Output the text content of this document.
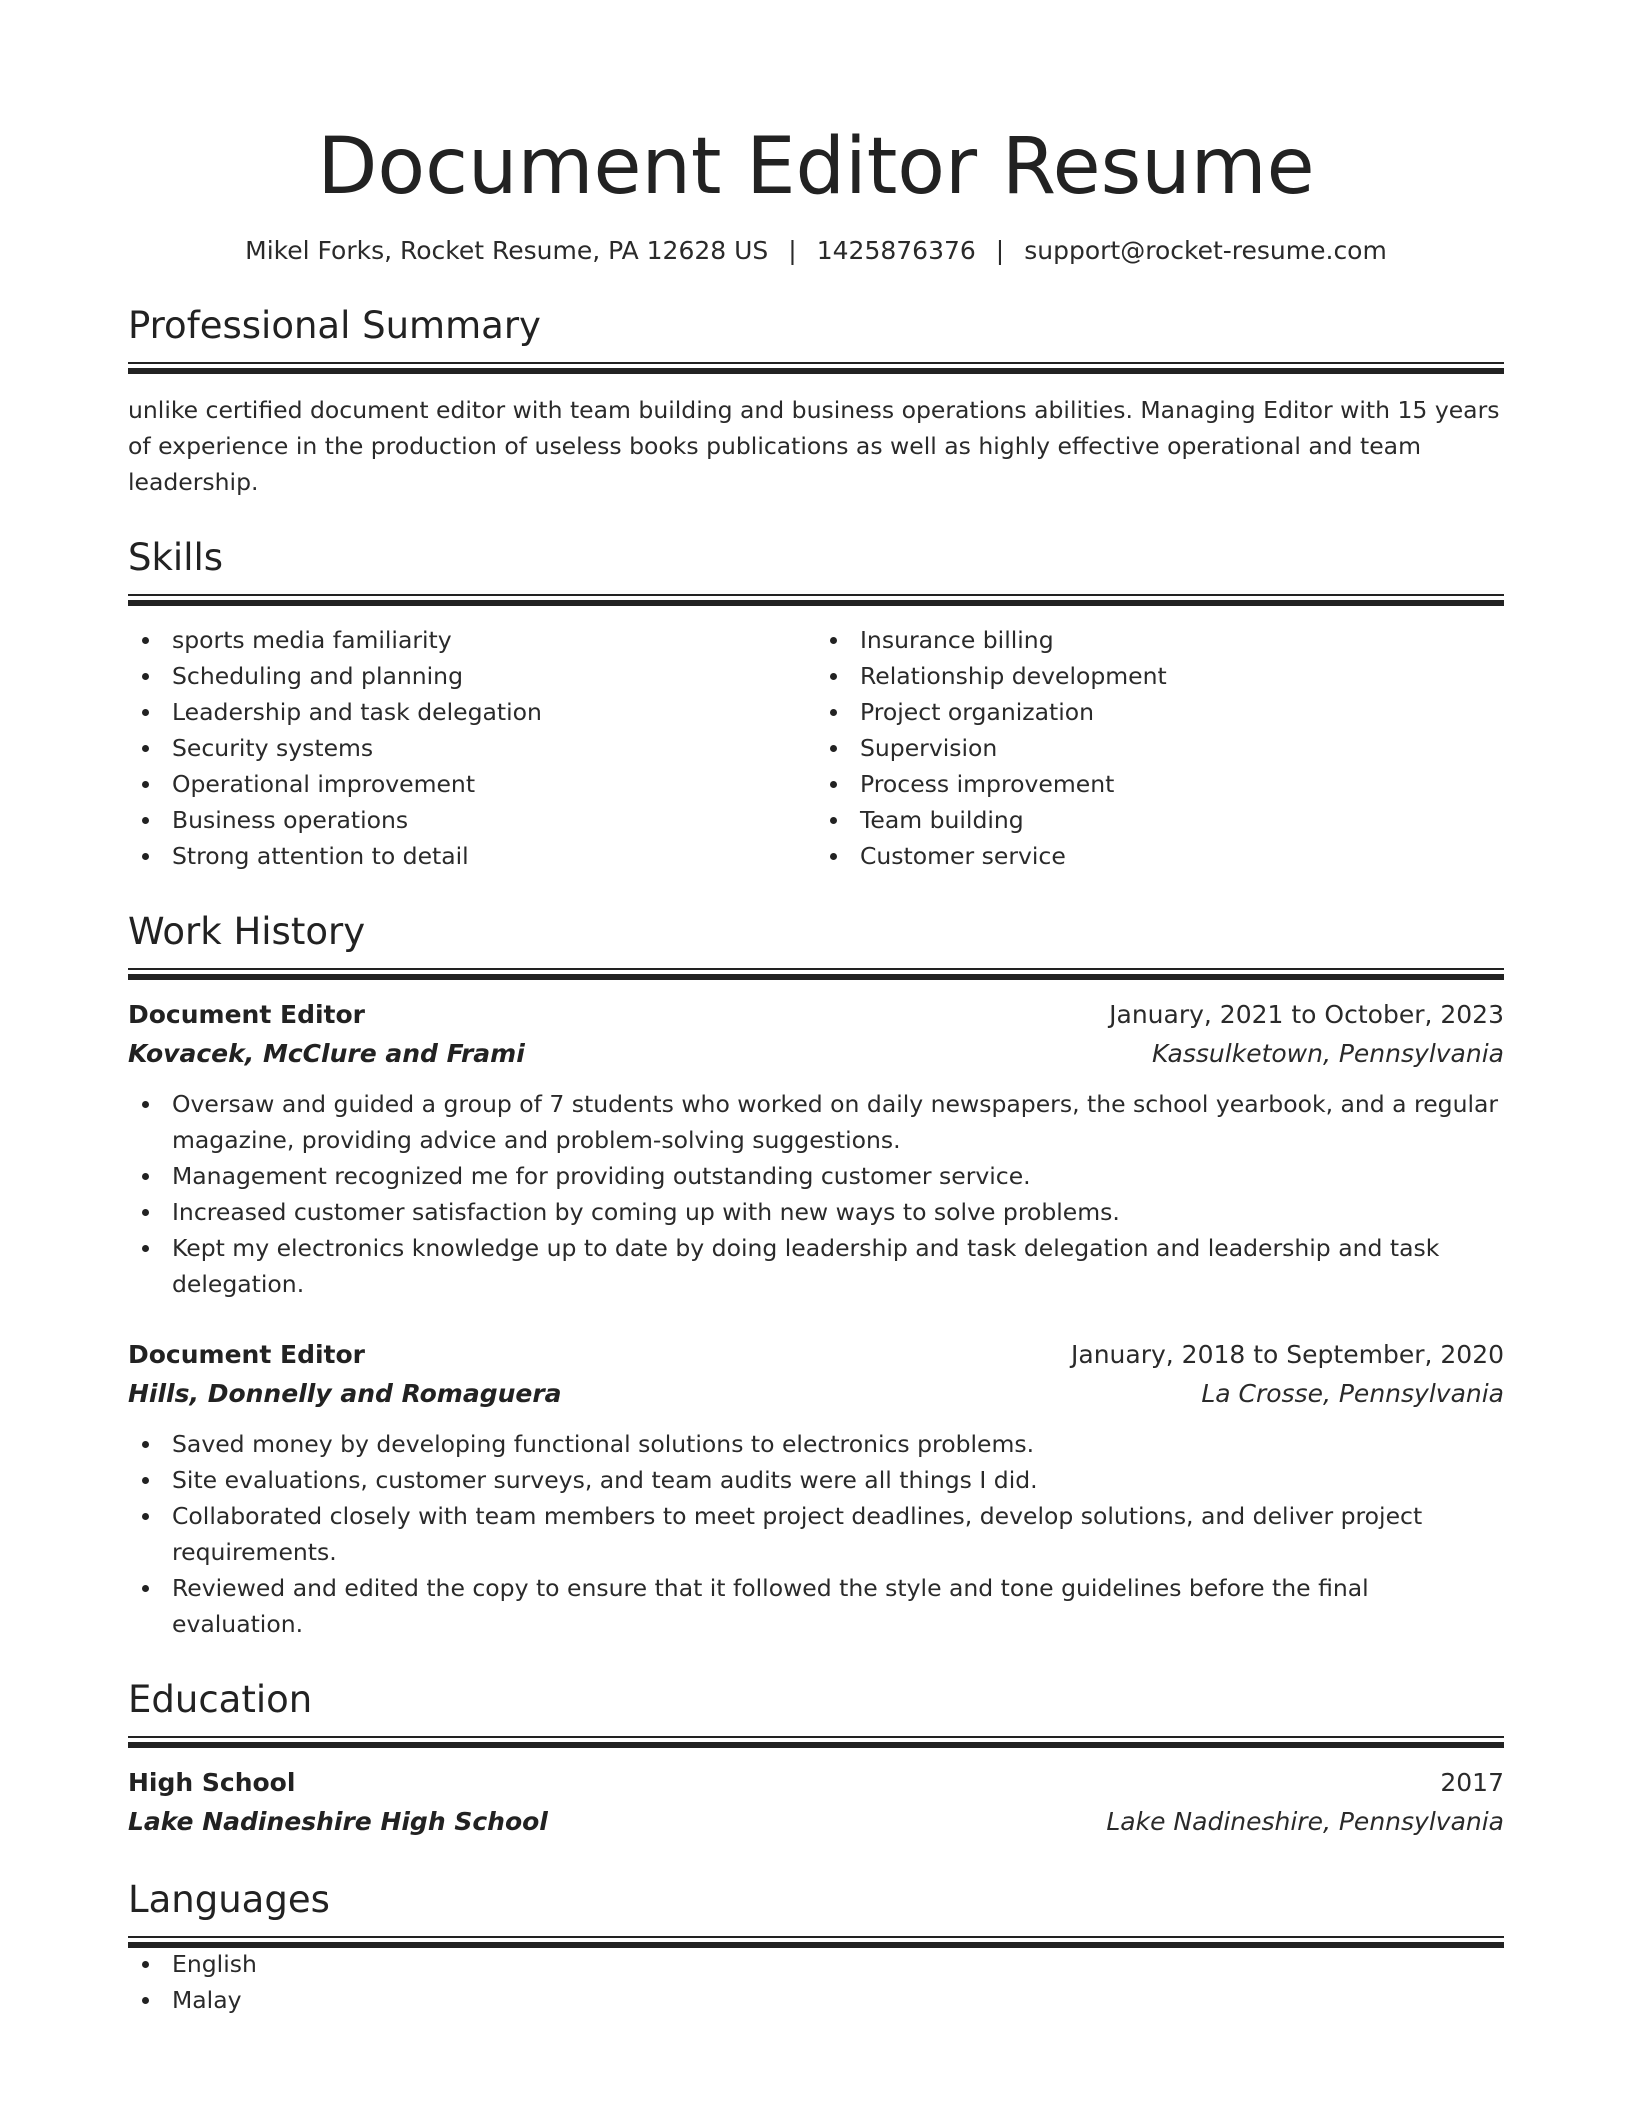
Document Editor Resume
Mikel Forks, Rocket Resume, PA 12628 US | 1425876376 | support@rocket-resume.com
Professional Summary
unlike certified document editor with team building and business operations abilities. Managing Editor with 15 years of experience in the production of useless books publications as well as highly effective operational and team leadership.
Skills
sports media familiarity
Scheduling and planning
Leadership and task delegation
Security systems
Operational improvement
Business operations
Strong attention to detail
Insurance billing
Relationship development
Project organization
Supervision
Process improvement
Team building
Customer service
Work History
Document Editor	January, 2021 to October, 2023
Kovacek, McClure and Frami	Kassulketown, Pennsylvania
Oversaw and guided a group of 7 students who worked on daily newspapers, the school yearbook, and a regular magazine, providing advice and problem-solving suggestions.
Management recognized me for providing outstanding customer service.
Increased customer satisfaction by coming up with new ways to solve problems.
Kept my electronics knowledge up to date by doing leadership and task delegation and leadership and task delegation.
Document Editor	January, 2018 to September, 2020
Hills, Donnelly and Romaguera	La Crosse, Pennsylvania
Saved money by developing functional solutions to electronics problems.
Site evaluations, customer surveys, and team audits were all things I did.
Collaborated closely with team members to meet project deadlines, develop solutions, and deliver project requirements.
Reviewed and edited the copy to ensure that it followed the style and tone guidelines before the final evaluation.
Education
High School	2017
Lake Nadineshire High School	Lake Nadineshire, Pennsylvania
Languages
English
Malay
